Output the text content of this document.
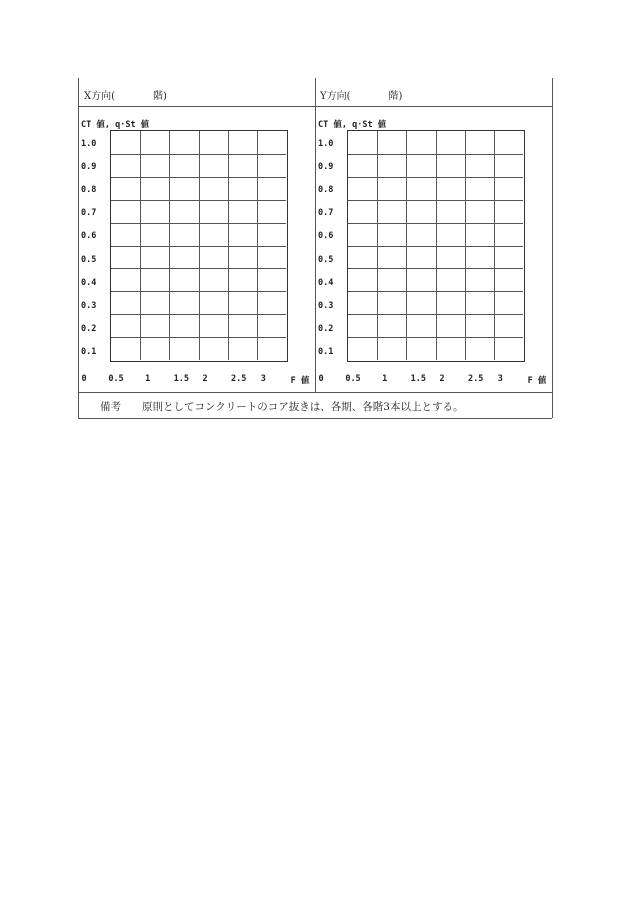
X方向(	階)	Y方向(	階)
CT 値, q·St 値
1.0
0.9
0.8
0.7
0.6
0.5
0.4
0.3
0.2
0.1
0	0.5	1	1.5 2	2.5 3	F 値
CT 値, q·St 値
1.0
0.9
0.8
0.7
0.6
0.5
0.4
0.3
0.2
0.1
0	0.5	1	1.5 2	2.5 3	F 値
備考 原則としてコンクリートのコア抜きは、各期、各階3本以上とする。
